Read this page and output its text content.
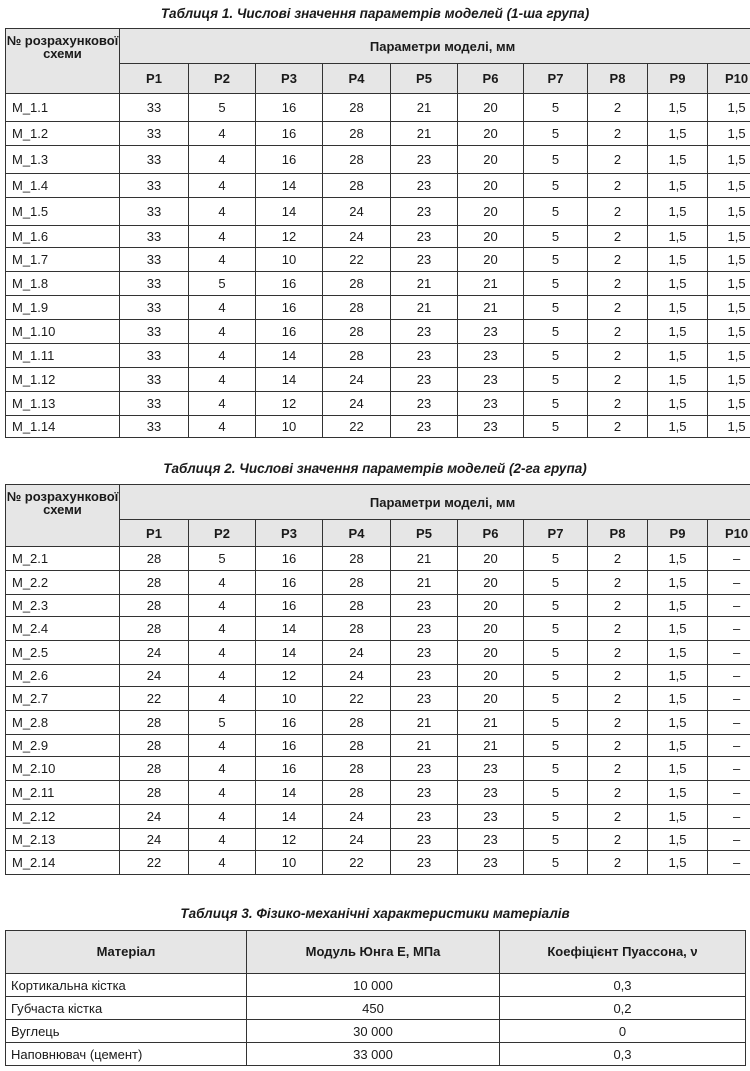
Таблиця 1. Числові значення параметрів моделей (1-ша група)
№ розрахункової схеми	Параметри моделі, мм									
	P1	P2	P3	P4	P5	P6	P7	P8	P9	P10
M_1.1	33	5	16	28	21	20	5	2	1,5	1,5
M_1.2	33	4	16	28	21	20	5	2	1,5	1,5
M_1.3	33	4	16	28	23	20	5	2	1,5	1,5
M_1.4	33	4	14	28	23	20	5	2	1,5	1,5
M_1.5	33	4	14	24	23	20	5	2	1,5	1,5
M_1.6	33	4	12	24	23	20	5	2	1,5	1,5
M_1.7	33	4	10	22	23	20	5	2	1,5	1,5
M_1.8	33	5	16	28	21	21	5	2	1,5	1,5
M_1.9	33	4	16	28	21	21	5	2	1,5	1,5
M_1.10	33	4	16	28	23	23	5	2	1,5	1,5
M_1.11	33	4	14	28	23	23	5	2	1,5	1,5
M_1.12	33	4	14	24	23	23	5	2	1,5	1,5
M_1.13	33	4	12	24	23	23	5	2	1,5	1,5
M_1.14	33	4	10	22	23	23	5	2	1,5	1,5
Таблиця 2. Числові значення параметрів моделей (2-га група)
№ розрахункової схеми	Параметри моделі, мм									
	P1	P2	P3	P4	P5	P6	P7	P8	P9	P10
M_2.1	28	5	16	28	21	20	5	2	1,5	–
M_2.2	28	4	16	28	21	20	5	2	1,5	–
M_2.3	28	4	16	28	23	20	5	2	1,5	–
M_2.4	28	4	14	28	23	20	5	2	1,5	–
M_2.5	24	4	14	24	23	20	5	2	1,5	–
M_2.6	24	4	12	24	23	20	5	2	1,5	–
M_2.7	22	4	10	22	23	20	5	2	1,5	–
M_2.8	28	5	16	28	21	21	5	2	1,5	–
M_2.9	28	4	16	28	21	21	5	2	1,5	–
M_2.10	28	4	16	28	23	23	5	2	1,5	–
M_2.11	28	4	14	28	23	23	5	2	1,5	–
M_2.12	24	4	14	24	23	23	5	2	1,5	–
M_2.13	24	4	12	24	23	23	5	2	1,5	–
M_2.14	22	4	10	22	23	23	5	2	1,5	–
Таблиця 3. Фізико-механічні характеристики матеріалів
Матеріал	Модуль Юнга E, МПа	Коефіцієнт Пуассона, ν
Кортикальна кістка	10 000	0,3
Губчаста кістка	450	0,2
Вуглець	30 000	0
Наповнювач (цемент)	33 000	0,3
